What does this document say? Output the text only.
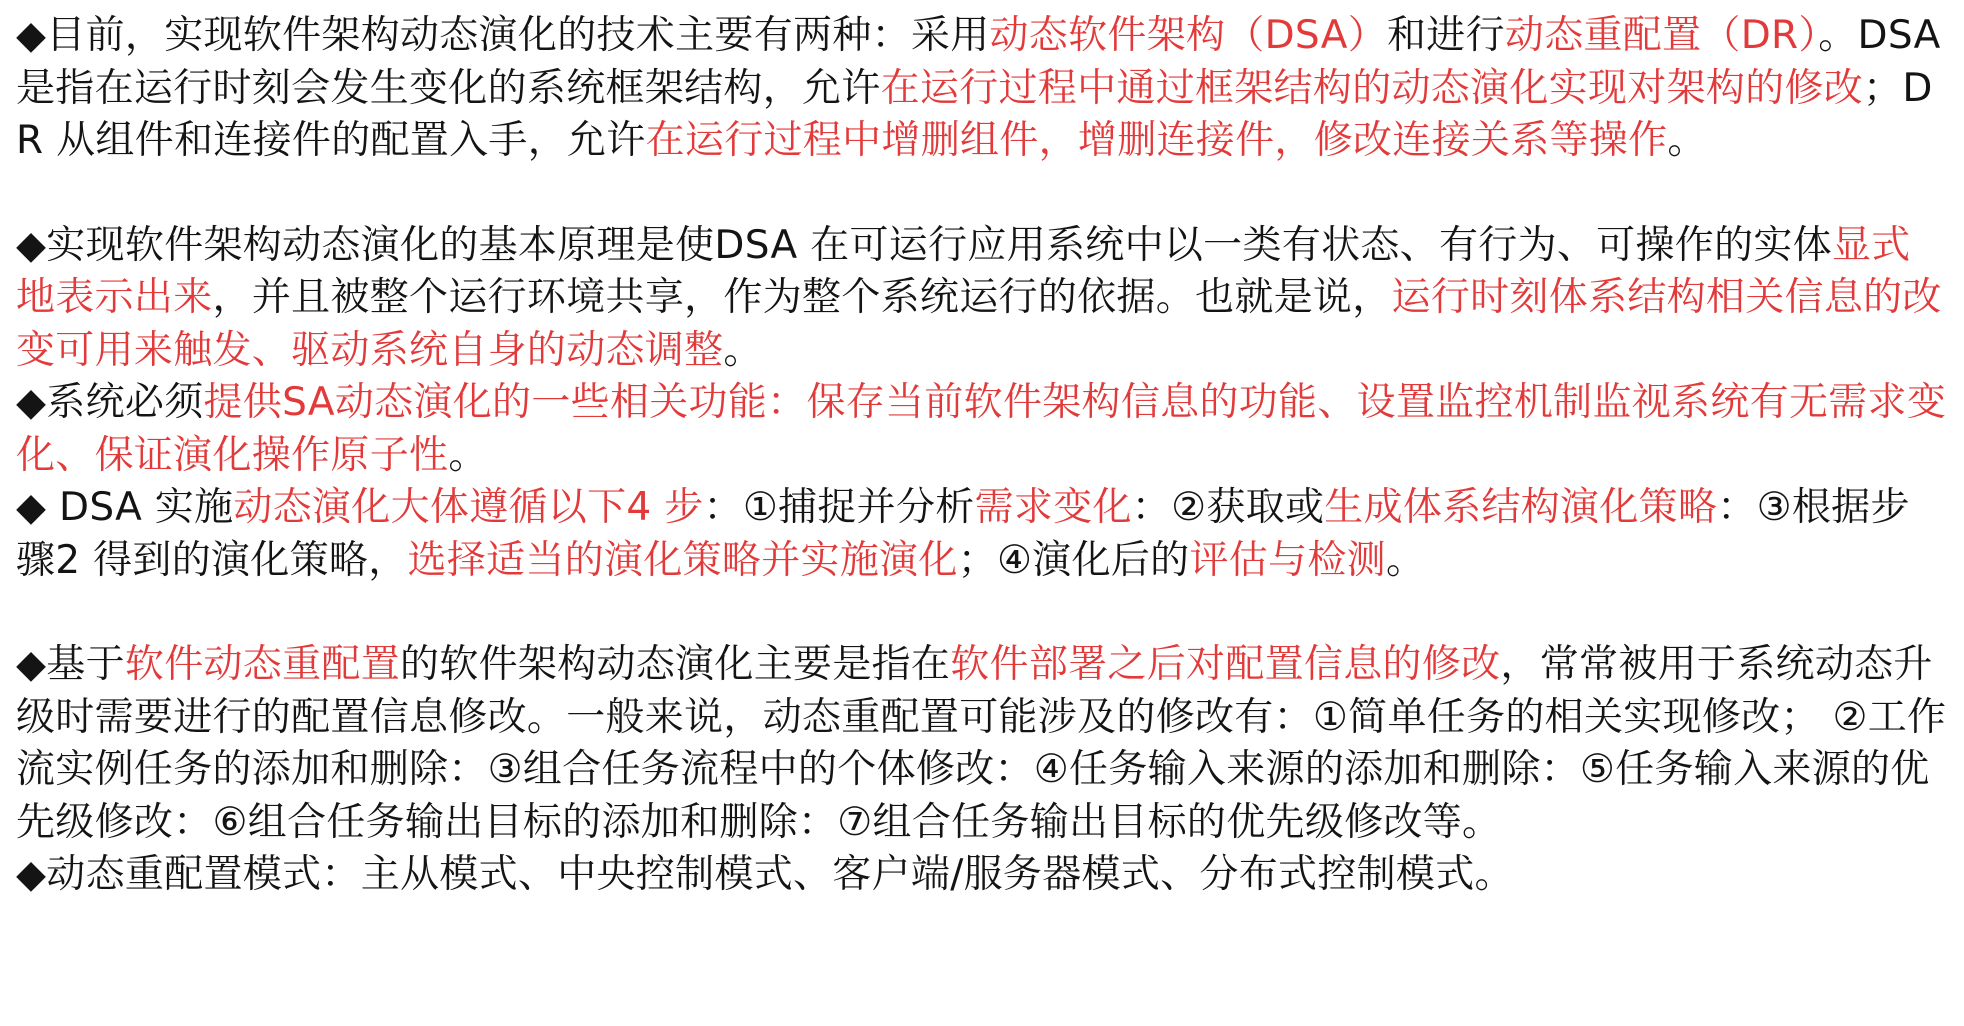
◆目前，实现软件架构动态演化的技术主要有两种：采用动态软件架构（DSA）和进行动态重配置（DR）。DSA 是指在运行时刻会发生变化的系统框架结构，允许在运行过程中通过框架结构的动态演化实现对架构的修改；DR 从组件和连接件的配置入手，允许在运行过程中增删组件，增删连接件，修改连接关系等操作。

◆实现软件架构动态演化的基本原理是使DSA 在可运行应用系统中以一类有状态、有行为、可操作的实体显式地表示出来，并且被整个运行环境共享，作为整个系统运行的依据。也就是说，运行时刻体系结构相关信息的改变可用来触发、驱动系统自身的动态调整。

◆系统必须提供SA动态演化的一些相关功能：保存当前软件架构信息的功能、设置监控机制监视系统有无需求变化、保证演化操作原子性。

◆ DSA 实施动态演化大体遵循以下4 步：①捕捉并分析需求变化：②获取或生成体系结构演化策略：③根据步骤2 得到的演化策略，选择适当的演化策略并实施演化；④演化后的评估与检测。

◆基于软件动态重配置的软件架构动态演化主要是指在软件部署之后对配置信息的修改，常常被用于系统动态升级时需要进行的配置信息修改。一般来说，动态重配置可能涉及的修改有：①简单任务的相关实现修改； ②工作流实例任务的添加和删除：③组合任务流程中的个体修改：④任务输入来源的添加和删除：⑤任务输入来源的优先级修改：⑥组合任务输出目标的添加和删除：⑦组合任务输出目标的优先级修改等。

◆动态重配置模式：主从模式、中央控制模式、客户端/服务器模式、分布式控制模式。
